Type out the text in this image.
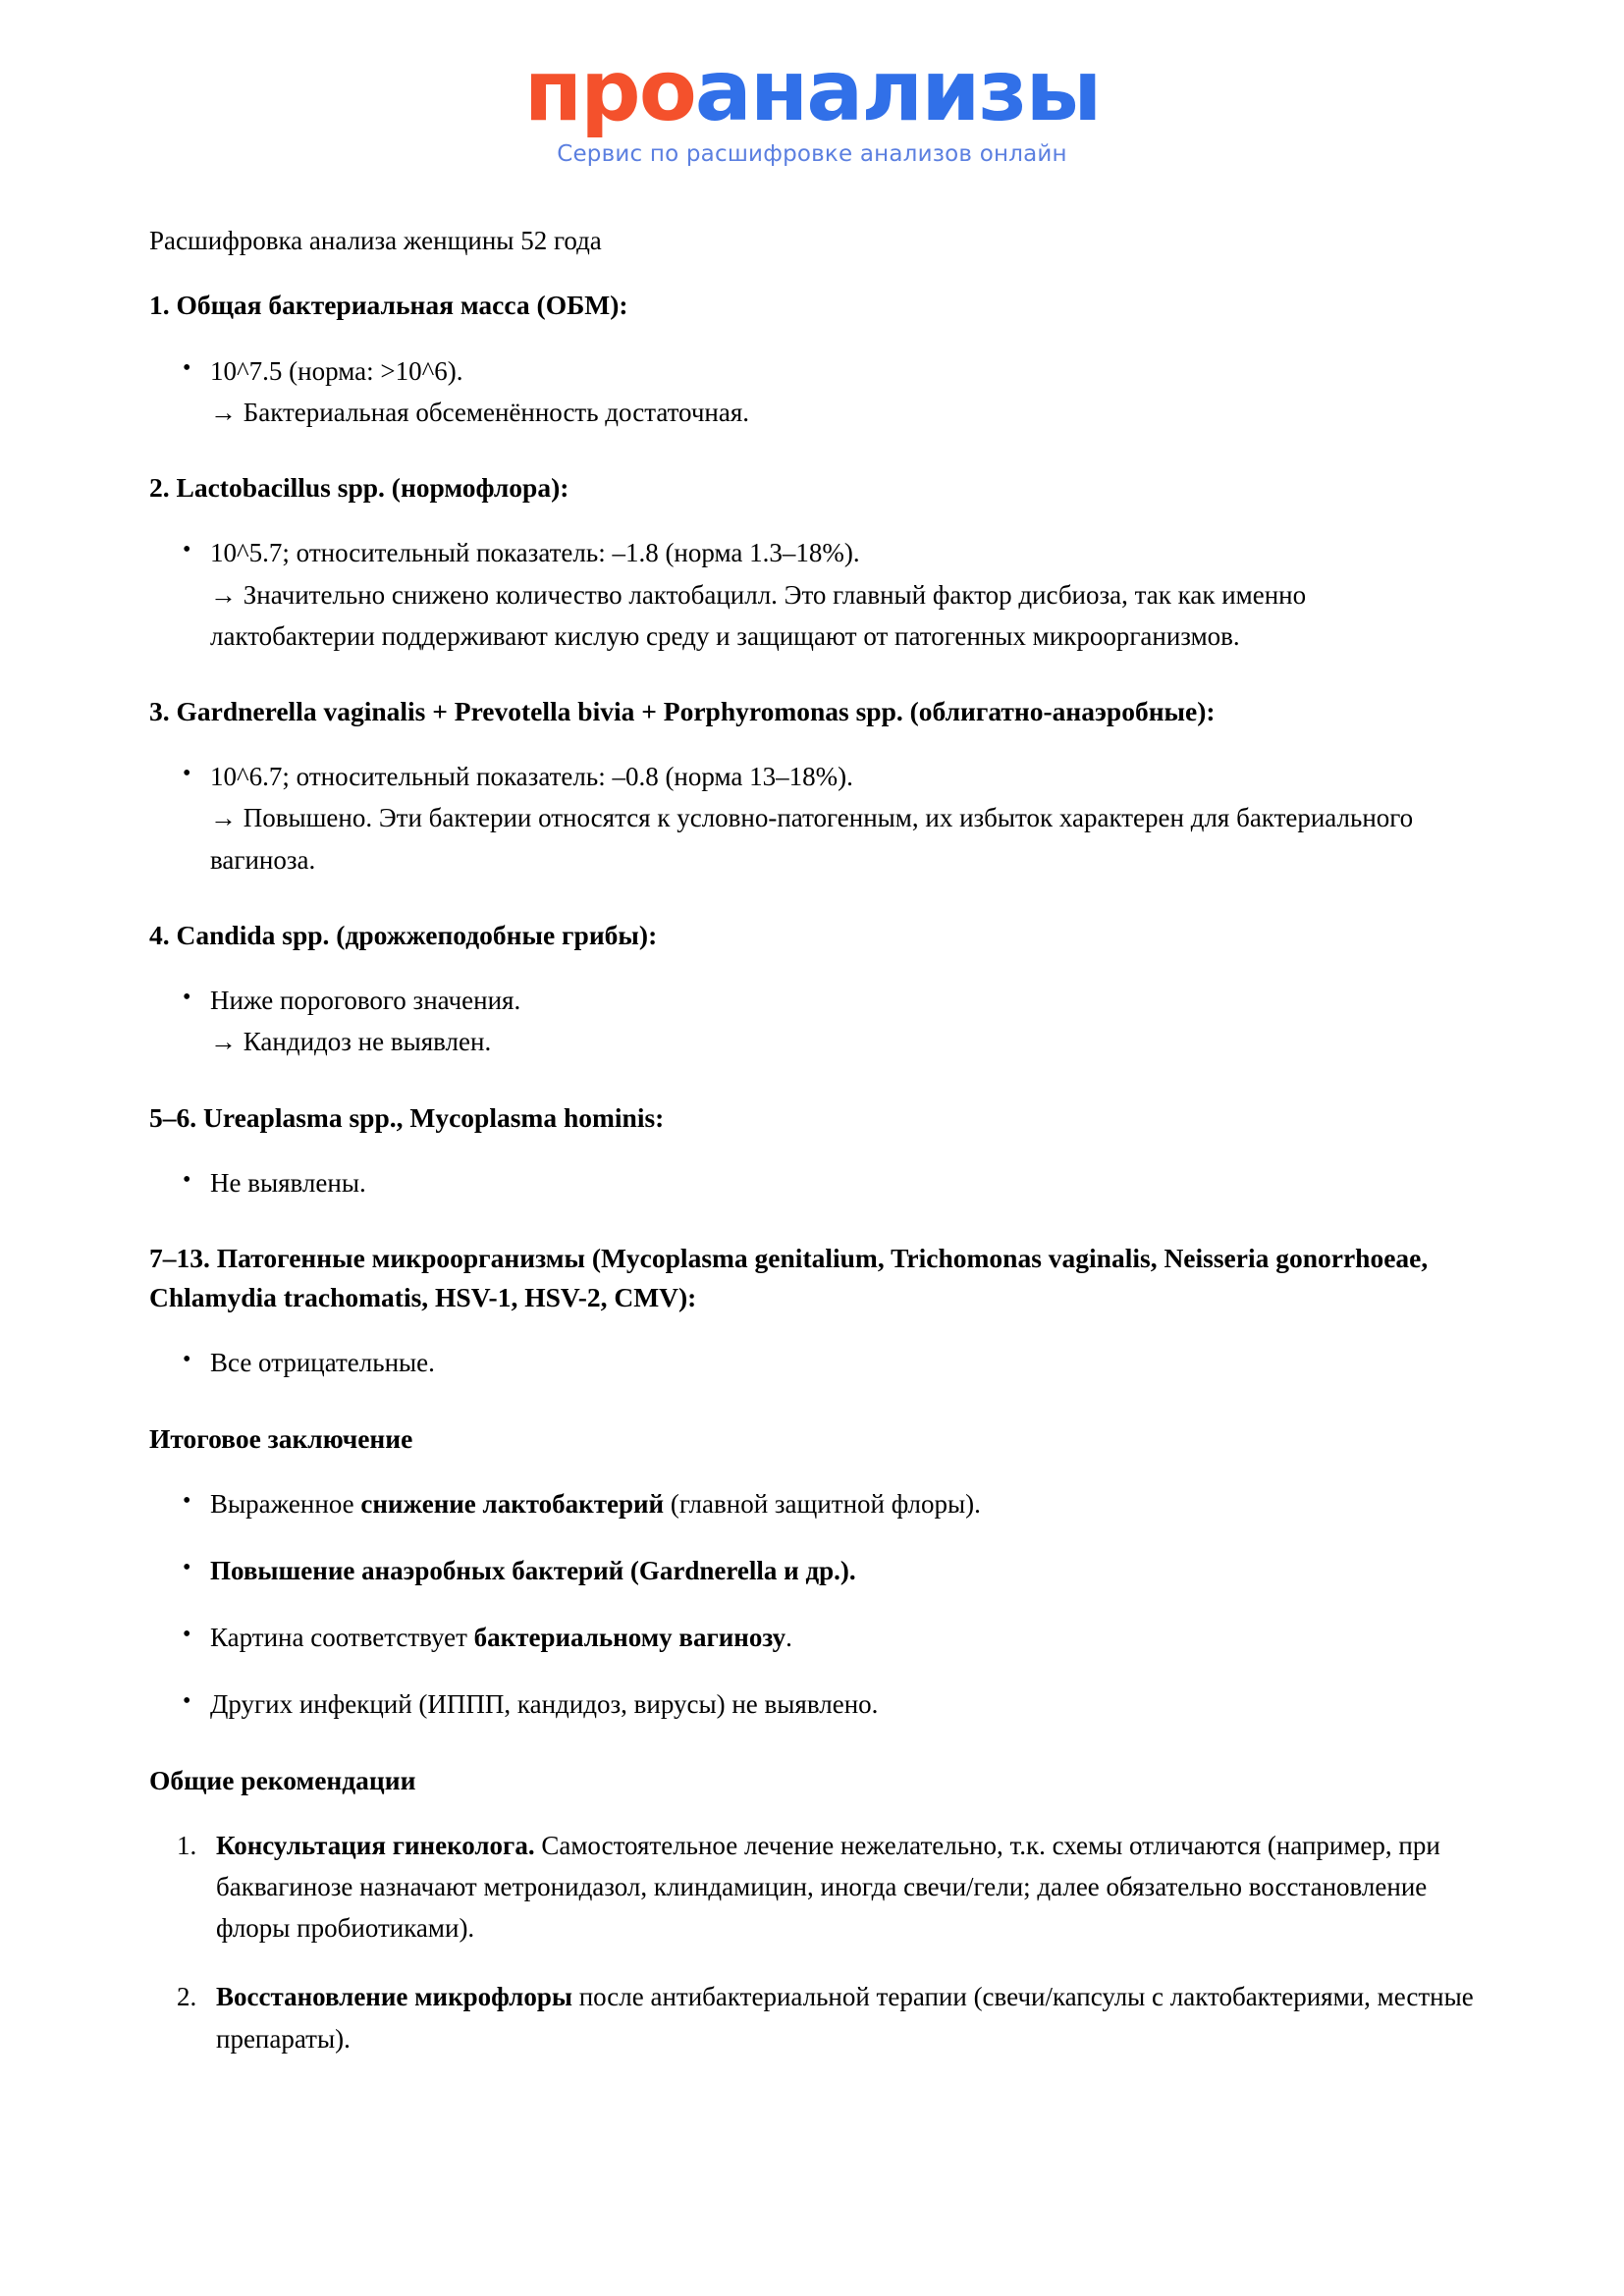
проанализы
Сервис по расшифровке анализов онлайн

Расшифровка анализа женщины 52 года

1. Общая бактериальная масса (ОБМ):
• 10^7.5 (норма: >10^6).
→ Бактериальная обсеменённость достаточная.
2. Lactobacillus spp. (нормофлора):
• 10^5.7; относительный показатель: –1.8 (норма 1.3–18%).
→ Значительно снижено количество лактобацилл. Это главный фактор дисбиоза, так как именно лактобактерии поддерживают кислую среду и защищают от патогенных микроорганизмов.
3. Gardnerella vaginalis + Prevotella bivia + Porphyromonas spp. (облигатно-анаэробные):
• 10^6.7; относительный показатель: –0.8 (норма 13–18%).
→ Повышено. Эти бактерии относятся к условно-патогенным, их избыток характерен для бактериального вагиноза.
4. Candida spp. (дрожжеподобные грибы):
• Ниже порогового значения.
→ Кандидоз не выявлен.
5–6. Ureaplasma spp., Mycoplasma hominis:
• Не выявлены.
7–13. Патогенные микроорганизмы (Mycoplasma genitalium, Trichomonas vaginalis, Neisseria gonorrhoeae, Chlamydia trachomatis, HSV-1, HSV-2, CMV):
• Все отрицательные.
Итоговое заключение
• Выраженное снижение лактобактерий (главной защитной флоры).
• Повышение анаэробных бактерий (Gardnerella и др.).
• Картина соответствует бактериальному вагинозу.
• Других инфекций (ИППП, кандидоз, вирусы) не выявлено.
Общие рекомендации
Консультация гинеколога. Самостоятельное лечение нежелательно, т.к. схемы отличаются (например, при баквагинозе назначают метронидазол, клиндамицин, иногда свечи/гели; далее обязательно восстановление флоры пробиотиками).
Восстановление микрофлоры после антибактериальной терапии (свечи/капсулы с лактобактериями, местные препараты).
